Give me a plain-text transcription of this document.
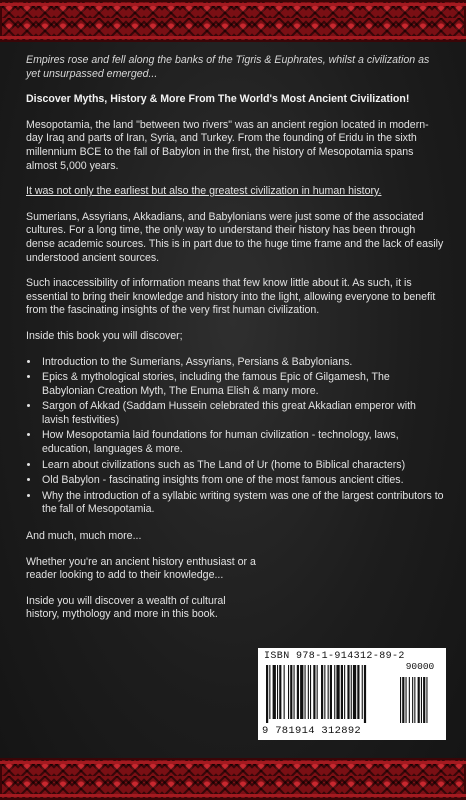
Empires rose and fell along the banks of the Tigris & Euphrates, whilst a civilization as yet unsurpassed emerged...

Discover Myths, History & More From The World's Most Ancient Civilization!

Mesopotamia, the land "between two rivers" was an ancient region located in modern-day Iraq and parts of Iran, Syria, and Turkey. From the founding of Eridu in the sixth millennium BCE to the fall of Babylon in the first, the history of Mesopotamia spans almost 5,000 years.

It was not only the earliest but also the greatest civilization in human history.

Sumerians, Assyrians, Akkadians, and Babylonians were just some of the associated cultures. For a long time, the only way to understand their history has been through dense academic sources. This is in part due to the huge time frame and the lack of easily understood ancient sources.

Such inaccessibility of information means that few know little about it. As such, it is essential to bring their knowledge and history into the light, allowing everyone to benefit from the fascinating insights of the very first human civilization.

Inside this book you will discover;

• Introduction to the Sumerians, Assyrians, Persians & Babylonians.
• Epics & mythological stories, including the famous Epic of Gilgamesh, The Babylonian Creation Myth, The Enuma Elish & many more.
• Sargon of Akkad (Saddam Hussein celebrated this great Akkadian emperor with lavish festivities)
• How Mesopotamia laid foundations for human civilization - technology, laws, education, languages & more.
• Learn about civilizations such as The Land of Ur (home to Biblical characters)
• Old Babylon - fascinating insights from one of the most famous ancient cities.
• Why the introduction of a syllabic writing system was one of the largest contributors to the fall of Mesopotamia.

And much, much more...

Whether you're an ancient history enthusiast or a reader looking to add to their knowledge...

Inside you will discover a wealth of cultural history, mythology and more in this book.

ISBN 978-1-914312-89-2
9 781914 312892
90000
